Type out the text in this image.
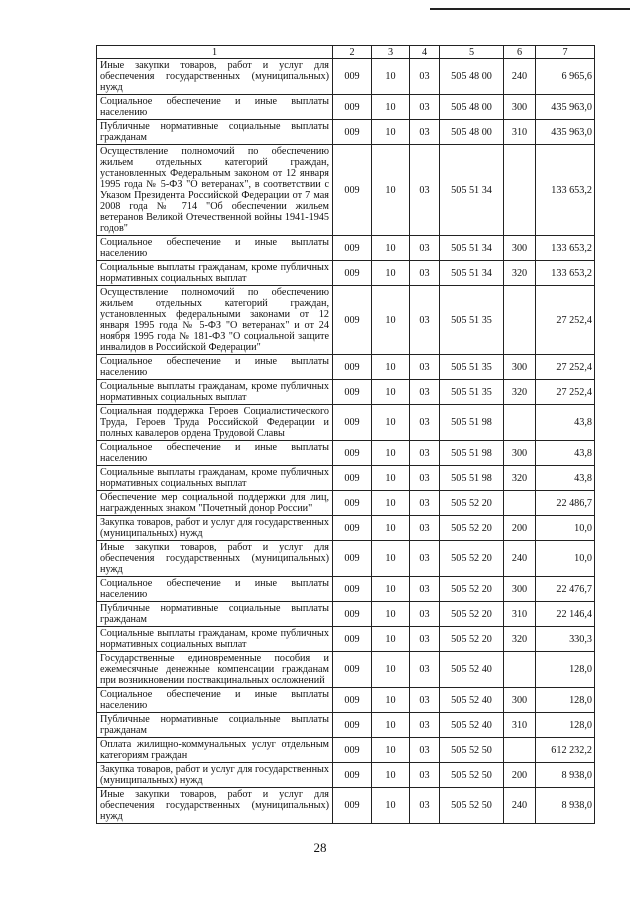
1	2	3	4	5	6	7
Иные закупки товаров, работ и услуг для обеспечения государственных (муниципальных) нужд	009	10	03	505 48 00	240	6 965,6
Социальное обеспечение и иные выплаты населению	009	10	03	505 48 00	300	435 963,0
Публичные нормативные социальные выплаты гражданам	009	10	03	505 48 00	310	435 963,0
Осуществление полномочий по обеспечению жильем отдельных категорий граждан, установленных Федеральным законом от 12 января 1995 года № 5-ФЗ "О ветеранах", в соответствии с Указом Президента Российской Федерации от 7 мая 2008 года № 714 "Об обеспечении жильем ветеранов Великой Отечественной войны 1941-1945 годов"	009	10	03	505 51 34		133 653,2
Социальное обеспечение и иные выплаты населению	009	10	03	505 51 34	300	133 653,2
Социальные выплаты гражданам, кроме публичных нормативных социальных выплат	009	10	03	505 51 34	320	133 653,2
Осуществление полномочий по обеспечению жильем отдельных категорий граждан, установленных федеральными законами от 12 января 1995 года № 5-ФЗ "О ветеранах" и от 24 ноября 1995 года № 181-ФЗ "О социальной защите инвалидов в Российской Федерации"	009	10	03	505 51 35		27 252,4
Социальное обеспечение и иные выплаты населению	009	10	03	505 51 35	300	27 252,4
Социальные выплаты гражданам, кроме публичных нормативных социальных выплат	009	10	03	505 51 35	320	27 252,4
Социальная поддержка Героев Социалистического Труда, Героев Труда Российской Федерации и полных кавалеров ордена Трудовой Славы	009	10	03	505 51 98		43,8
Социальное обеспечение и иные выплаты населению	009	10	03	505 51 98	300	43,8
Социальные выплаты гражданам, кроме публичных нормативных социальных выплат	009	10	03	505 51 98	320	43,8
Обеспечение мер социальной поддержки для лиц, награжденных знаком "Почетный донор России"	009	10	03	505 52 20		22 486,7
Закупка товаров, работ и услуг для государственных (муниципальных) нужд	009	10	03	505 52 20	200	10,0
Иные закупки товаров, работ и услуг для обеспечения государственных (муниципальных) нужд	009	10	03	505 52 20	240	10,0
Социальное обеспечение и иные выплаты населению	009	10	03	505 52 20	300	22 476,7
Публичные нормативные социальные выплаты гражданам	009	10	03	505 52 20	310	22 146,4
Социальные выплаты гражданам, кроме публичных нормативных социальных выплат	009	10	03	505 52 20	320	330,3
Государственные единовременные пособия и ежемесячные денежные компенсации гражданам при возникновении поствакцинальных осложнений	009	10	03	505 52 40		128,0
Социальное обеспечение и иные выплаты населению	009	10	03	505 52 40	300	128,0
Публичные нормативные социальные выплаты гражданам	009	10	03	505 52 40	310	128,0
Оплата жилищно-коммунальных услуг отдельным категориям граждан	009	10	03	505 52 50		612 232,2
Закупка товаров, работ и услуг для государственных (муниципальных) нужд	009	10	03	505 52 50	200	8 938,0
Иные закупки товаров, работ и услуг для обеспечения государственных (муниципальных) нужд	009	10	03	505 52 50	240	8 938,0
28
